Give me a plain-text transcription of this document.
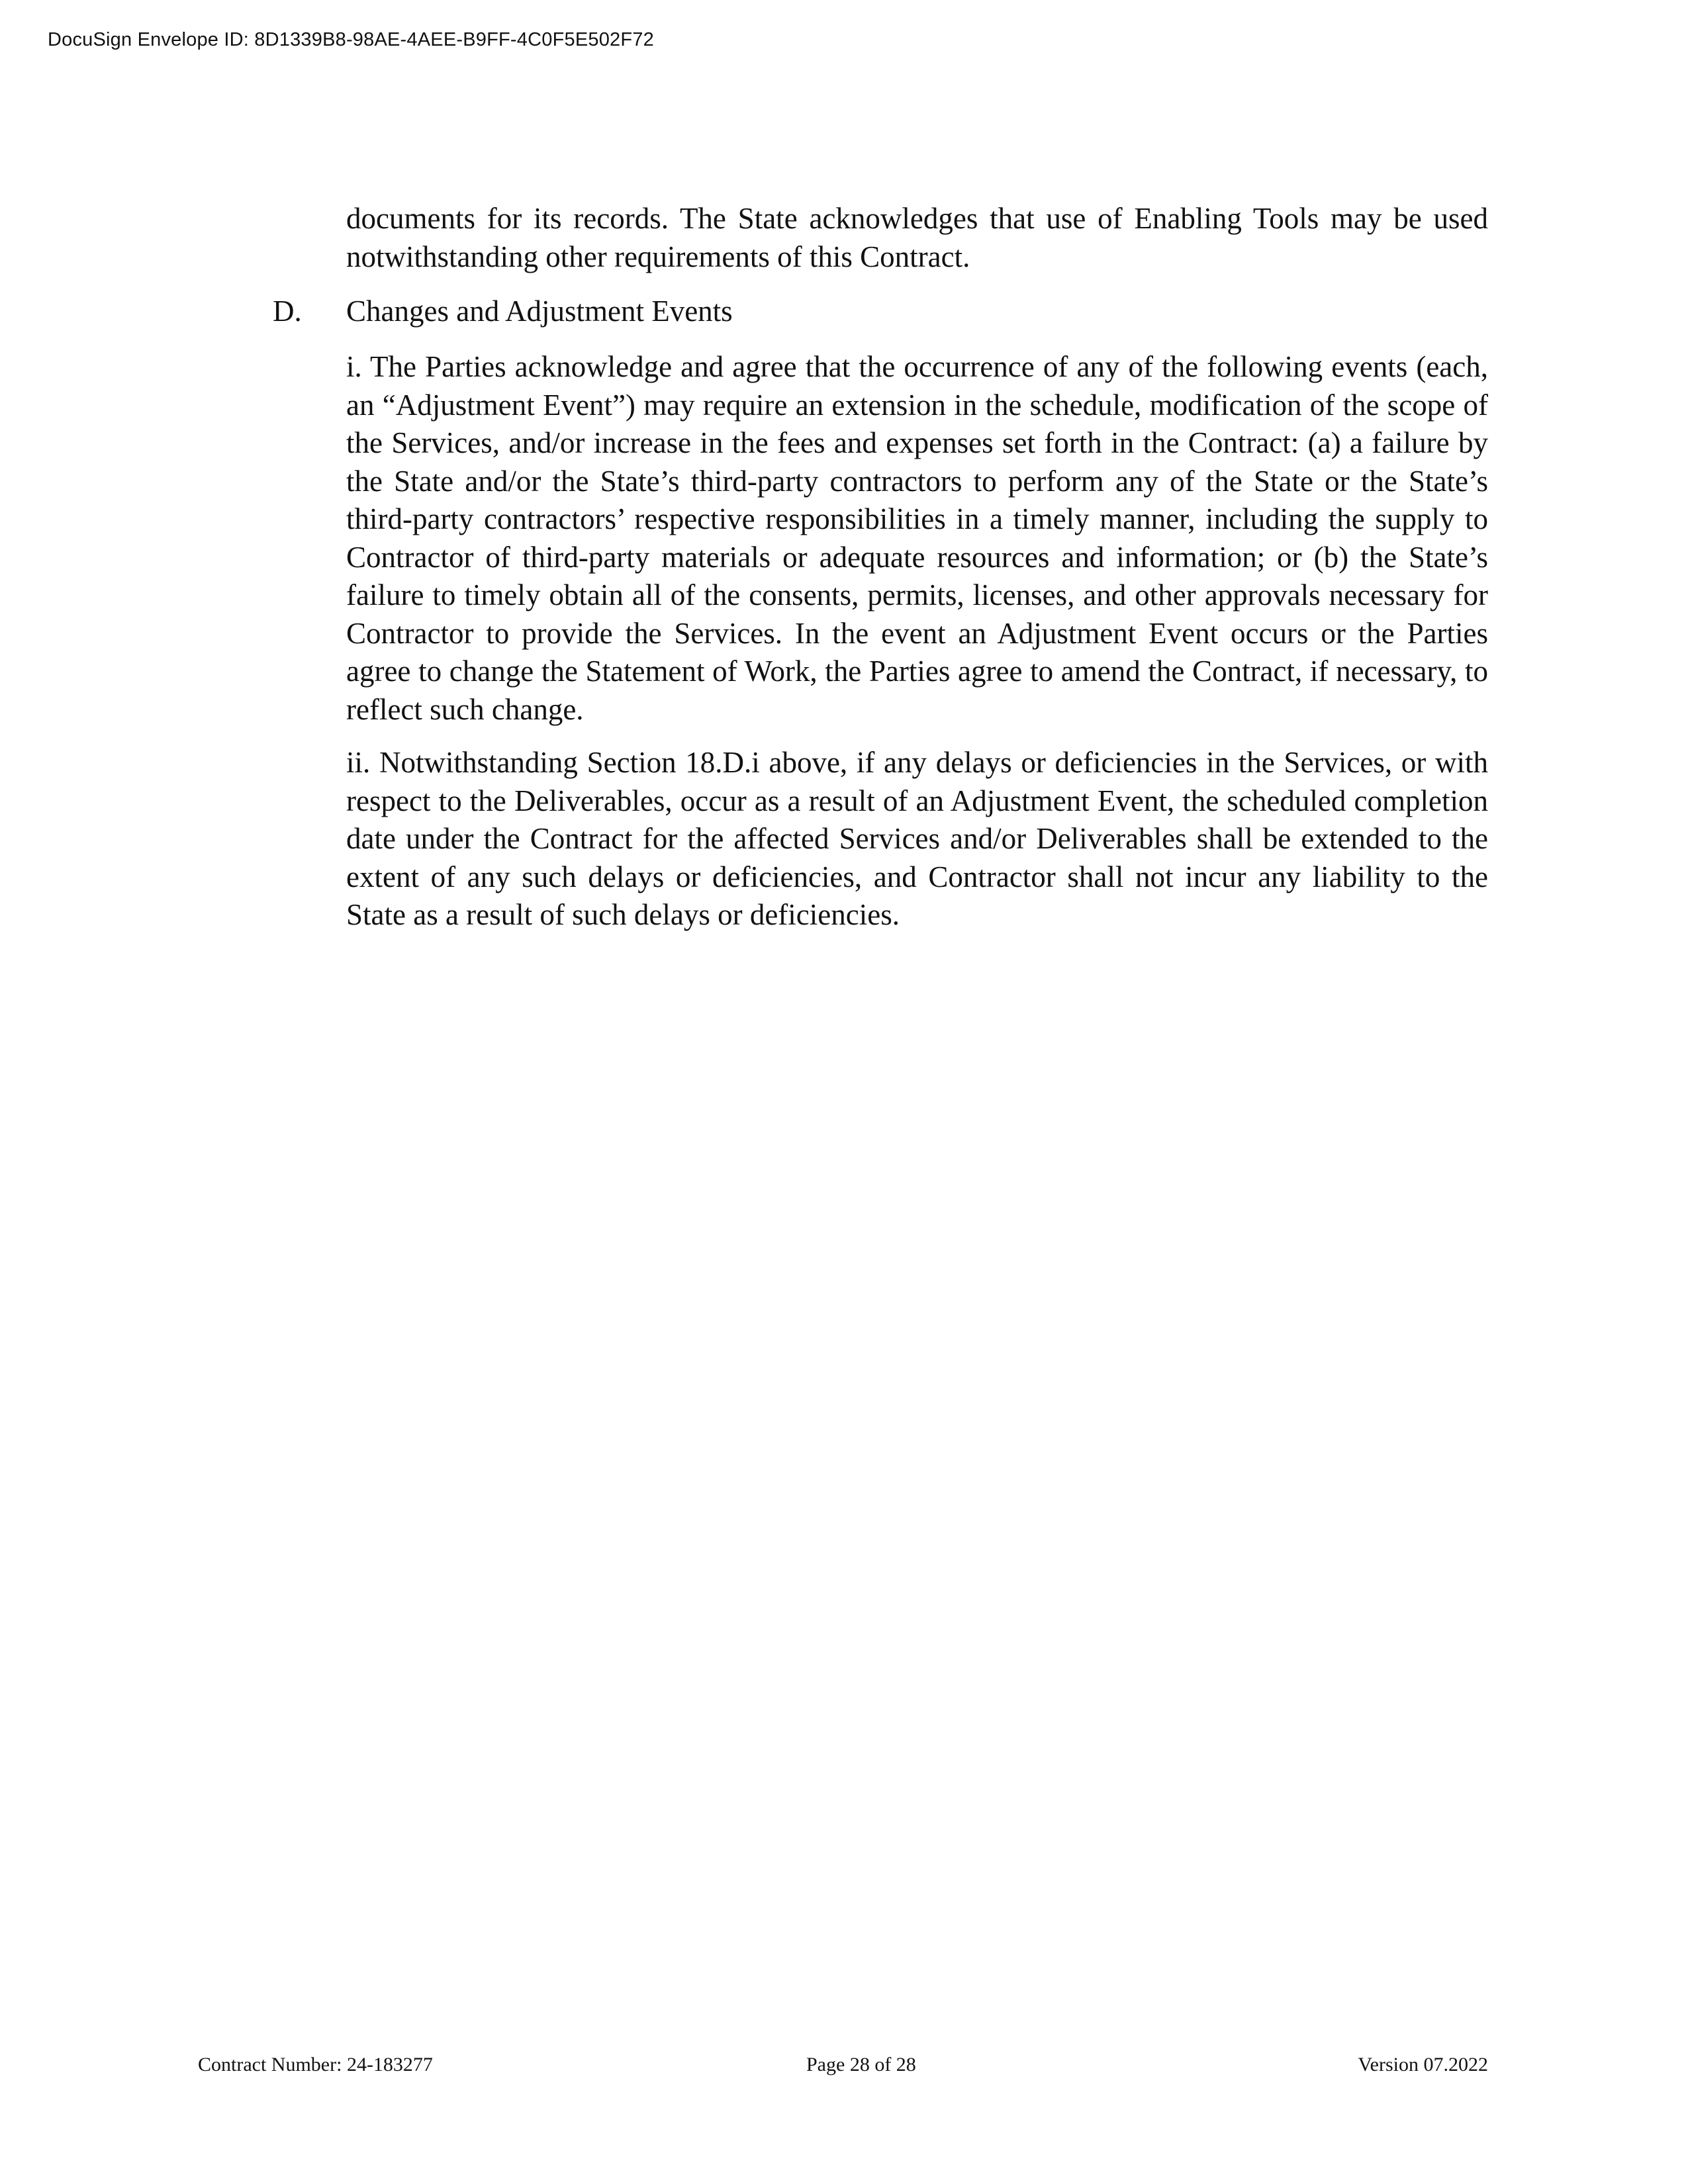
DocuSign Envelope ID: 8D1339B8-98AE-4AEE-B9FF-4C0F5E502F72

documents for its records. The State acknowledges that use of Enabling Tools may be used notwithstanding other requirements of this Contract.

D. Changes and Adjustment Events

i. The Parties acknowledge and agree that the occurrence of any of the following events (each, an “Adjustment Event”) may require an extension in the schedule, modification of the scope of the Services, and/or increase in the fees and expenses set forth in the Contract: (a) a failure by the State and/or the State’s third-party contractors to perform any of the State or the State’s third-party contractors’ respective responsibilities in a timely manner, including the supply to Contractor of third-party materials or adequate resources and information; or (b) the State’s failure to timely obtain all of the consents, permits, licenses, and other approvals necessary for Contractor to provide the Services. In the event an Adjustment Event occurs or the Parties agree to change the Statement of Work, the Parties agree to amend the Contract, if necessary, to reflect such change.

ii. Notwithstanding Section 18.D.i above, if any delays or deficiencies in the Services, or with respect to the Deliverables, occur as a result of an Adjustment Event, the scheduled completion date under the Contract for the affected Services and/or Deliverables shall be extended to the extent of any such delays or deficiencies, and Contractor shall not incur any liability to the State as a result of such delays or deficiencies.

Contract Number: 24-183277	Page 28 of 28	Version 07.2022
